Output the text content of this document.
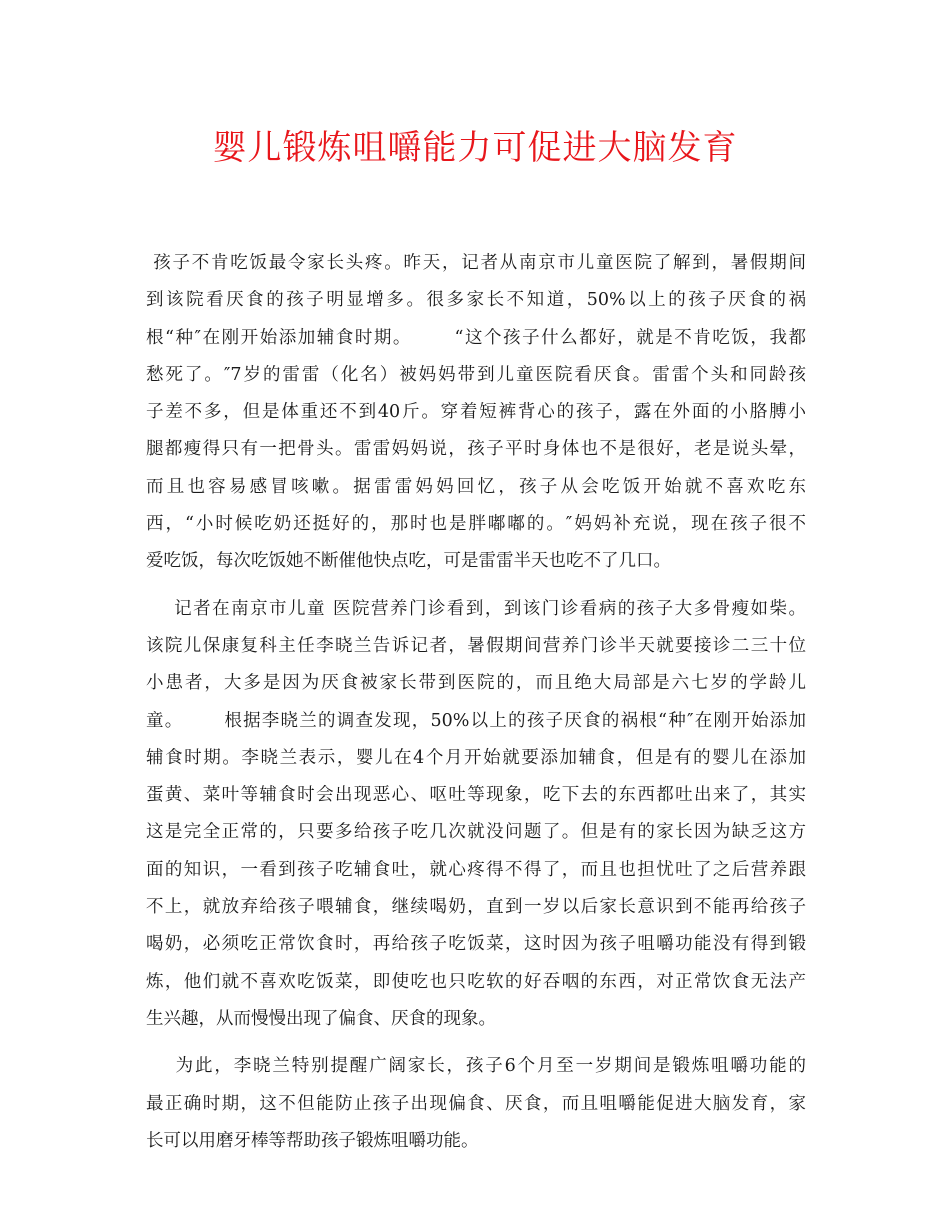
婴儿锻炼咀嚼能力可促进大脑发育
孩子不肯吃饭最令家长头疼。昨天，记者从南京市儿童医院了解到，暑假期间
到该院看厌食的孩子明显增多。很多家长不知道，50%以上的孩子厌食的祸
根“种″在刚开始添加辅食时期。      “这个孩子什么都好，就是不肯吃饭，我都
愁死了。″7岁的雷雷（化名）被妈妈带到儿童医院看厌食。雷雷个头和同龄孩
子差不多，但是体重还不到40斤。穿着短裤背心的孩子，露在外面的小胳膊小
腿都瘦得只有一把骨头。雷雷妈妈说，孩子平时身体也不是很好，老是说头晕，
而且也容易感冒咳嗽。据雷雷妈妈回忆，孩子从会吃饭开始就不喜欢吃东
西，“小时候吃奶还挺好的，那时也是胖嘟嘟的。″妈妈补充说，现在孩子很不
爱吃饭，每次吃饭她不断催他快点吃，可是雷雷半天也吃不了几口。
记者在南京市儿童 医院营养门诊看到，到该门诊看病的孩子大多骨瘦如柴。
该院儿保康复科主任李晓兰告诉记者，暑假期间营养门诊半天就要接诊二三十位
小患者，大多是因为厌食被家长带到医院的，而且绝大局部是六七岁的学龄儿
童。      根据李晓兰的调查发现，50%以上的孩子厌食的祸根“种″在刚开始添加
辅食时期。李晓兰表示，婴儿在4个月开始就要添加辅食，但是有的婴儿在添加
蛋黄、菜叶等辅食时会出现恶心、呕吐等现象，吃下去的东西都吐出来了，其实
这是完全正常的，只要多给孩子吃几次就没问题了。但是有的家长因为缺乏这方
面的知识，一看到孩子吃辅食吐，就心疼得不得了，而且也担忧吐了之后营养跟
不上，就放弃给孩子喂辅食，继续喝奶，直到一岁以后家长意识到不能再给孩子
喝奶，必须吃正常饮食时，再给孩子吃饭菜，这时因为孩子咀嚼功能没有得到锻
炼，他们就不喜欢吃饭菜，即使吃也只吃软的好吞咽的东西，对正常饮食无法产
生兴趣，从而慢慢出现了偏食、厌食的现象。
为此，李晓兰特别提醒广阔家长，孩子6个月至一岁期间是锻炼咀嚼功能的
最正确时期，这不但能防止孩子出现偏食、厌食，而且咀嚼能促进大脑发育，家
长可以用磨牙棒等帮助孩子锻炼咀嚼功能。
